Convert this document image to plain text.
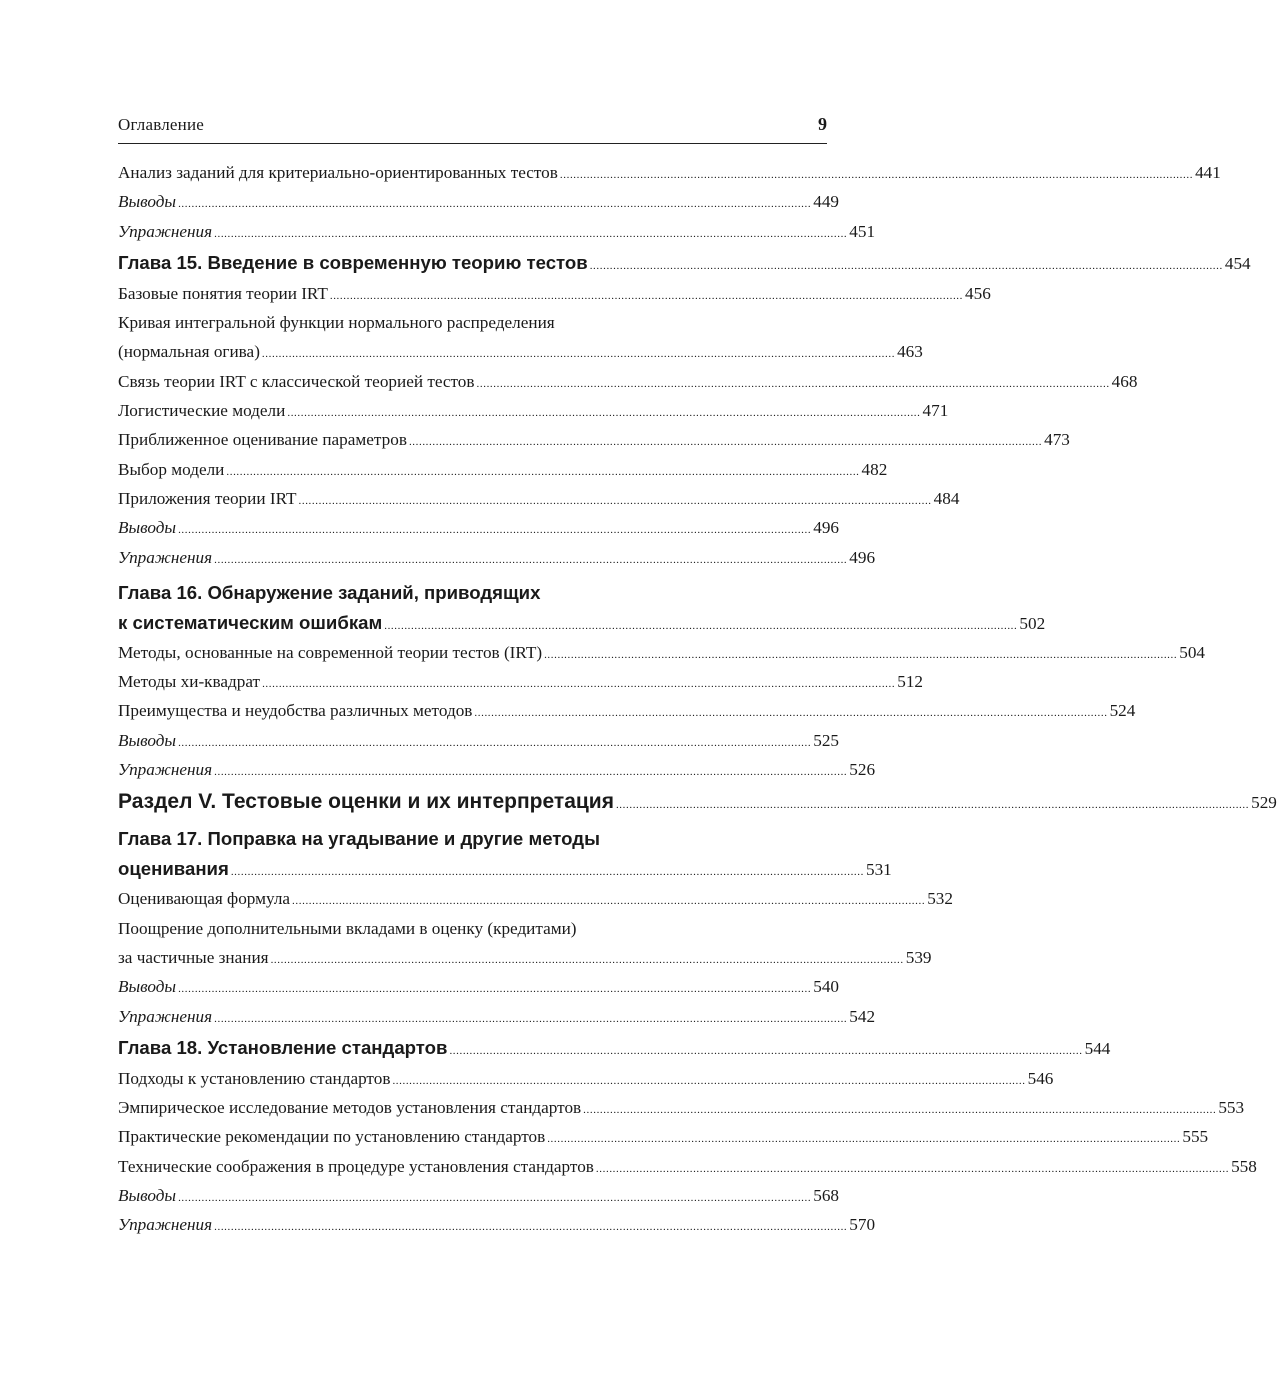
Оглавление	9
Анализ заданий для критериально-ориентированных тестов ............................................................................................................................................................................................. 441
Выводы ............................................................................................................................................................................................. 449
Упражнения ............................................................................................................................................................................................. 451
Глава 15. Введение в современную теорию тестов ............................................................................................................................................................................................. 454
Базовые понятия теории IRT ............................................................................................................................................................................................. 456
Кривая интегральной функции нормального распределения
(нормальная огива) ............................................................................................................................................................................................. 463
Связь теории IRT с классической теорией тестов ............................................................................................................................................................................................. 468
Логистические модели ............................................................................................................................................................................................. 471
Приближенное оценивание параметров ............................................................................................................................................................................................. 473
Выбор модели ............................................................................................................................................................................................. 482
Приложения теории IRT ............................................................................................................................................................................................. 484
Выводы ............................................................................................................................................................................................. 496
Упражнения ............................................................................................................................................................................................. 496
Глава 16. Обнаружение заданий, приводящих
к систематическим ошибкам ............................................................................................................................................................................................. 502
Методы, основанные на современной теории тестов (IRT) ............................................................................................................................................................................................. 504
Методы хи-квадрат ............................................................................................................................................................................................. 512
Преимущества и неудобства различных методов ............................................................................................................................................................................................. 524
Выводы ............................................................................................................................................................................................. 525
Упражнения ............................................................................................................................................................................................. 526
Раздел V. Тестовые оценки и их интерпретация ............................................................................................................................................................................................. 529
Глава 17. Поправка на угадывание и другие методы
оценивания ............................................................................................................................................................................................. 531
Оценивающая формула ............................................................................................................................................................................................. 532
Поощрение дополнительными вкладами в оценку (кредитами)
за частичные знания ............................................................................................................................................................................................. 539
Выводы ............................................................................................................................................................................................. 540
Упражнения ............................................................................................................................................................................................. 542
Глава 18. Установление стандартов ............................................................................................................................................................................................. 544
Подходы к установлению стандартов ............................................................................................................................................................................................. 546
Эмпирическое исследование методов установления стандартов ............................................................................................................................................................................................. 553
Практические рекомендации по установлению стандартов ............................................................................................................................................................................................. 555
Технические соображения в процедуре установления стандартов ............................................................................................................................................................................................. 558
Выводы ............................................................................................................................................................................................. 568
Упражнения ............................................................................................................................................................................................. 570
